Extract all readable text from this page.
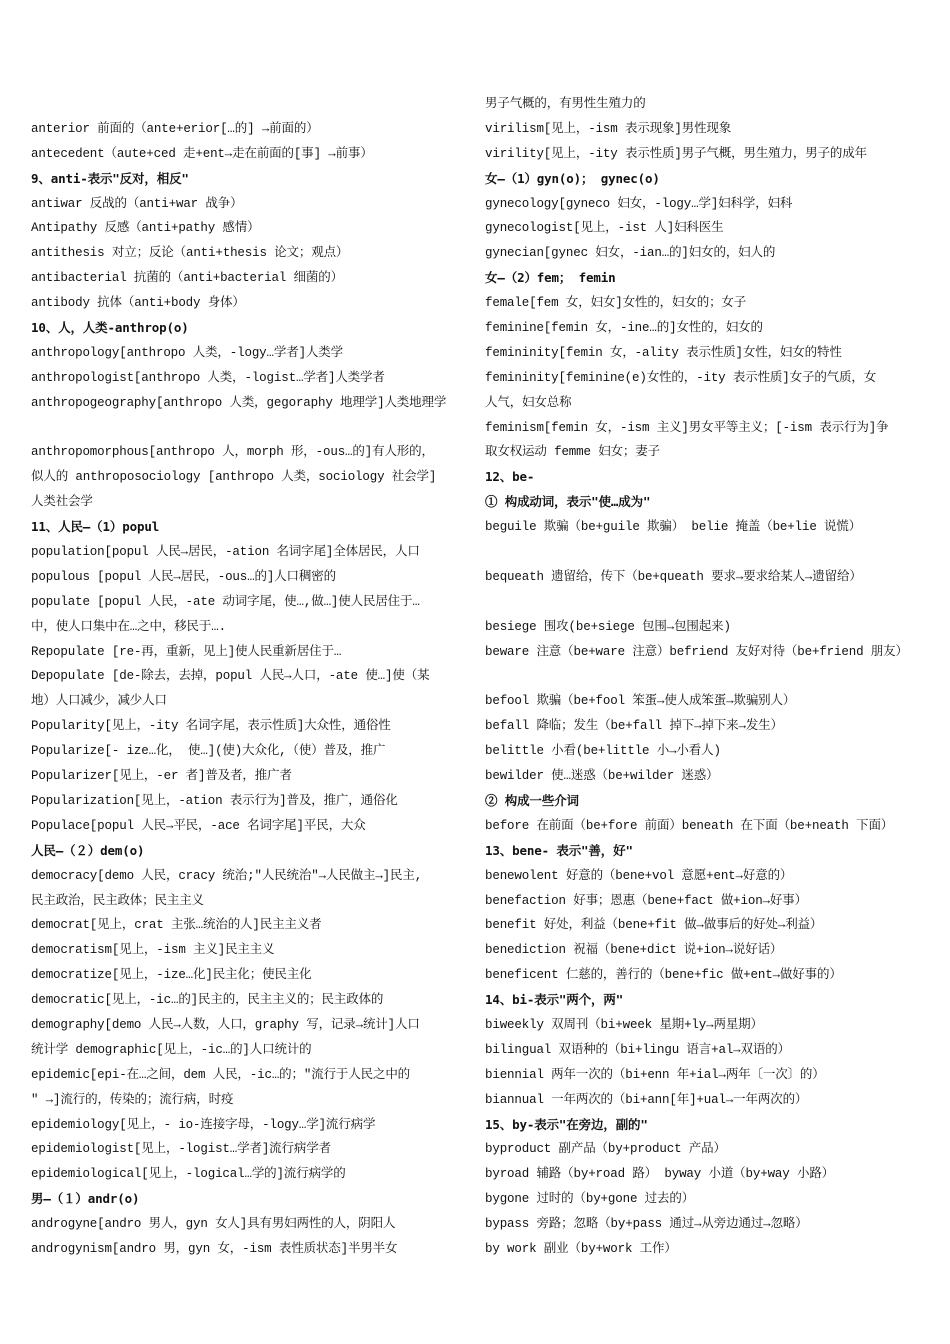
anterior 前面的（ante+erior[…的] →前面的）
antecedent（aute+ced 走+ent→走在前面的[事] →前事）
9、anti-表示"反对，相反"
antiwar 反战的（anti+war 战争）
Antipathy 反感（anti+pathy 感情）
antithesis 对立；反论（anti+thesis 论文；观点）
antibacterial 抗菌的（anti+bacterial 细菌的）
antibody 抗体（anti+body 身体）
10、人，人类-anthrop(o)
anthropology[anthropo 人类，-logy…学者]人类学
anthropologist[anthropo 人类，-logist…学者]人类学者
anthropogeography[anthropo 人类，gegoraphy 地理学]人类地理学
anthropomorphous[anthropo 人，morph 形，-ous…的]有人形的，
似人的 anthroposociology [anthropo 人类，sociology 社会学]
人类社会学
11、人民—（1）popul
population[popul 人民→居民，-ation 名词字尾]全体居民，人口
populous [popul 人民→居民，-ous…的]人口稠密的
populate [popul 人民，-ate 动词字尾，使…,做…]使人民居住于…
中，使人口集中在…之中，移民于….
Repopulate [re-再，重新，见上]使人民重新居住于…
Depopulate [de-除去，去掉，popul 人民→人口，-ate 使…]使（某
地）人口减少，减少人口
Popularity[见上，-ity 名词字尾，表示性质]大众性，通俗性
Popularize[- ize…化， 使…](使)大众化,（使）普及，推广
Popularizer[见上，-er 者]普及者，推广者
Popularization[见上，-ation 表示行为]普及，推广，通俗化
Populace[popul 人民→平民，-ace 名词字尾]平民，大众
人民—（２）dem(o)
democracy[demo 人民，cracy 统治;"人民统治"→人民做主→]民主,
民主政治，民主政体；民主主义
democrat[见上，crat 主张…统治的人]民主主义者
democratism[见上，-ism 主义]民主主义
democratize[见上，-ize…化]民主化；使民主化
democratic[见上，-ic…的]民主的，民主主义的；民主政体的
demography[demo 人民→人数，人口，graphy 写，记录→统计]人口
统计学 demographic[见上，-ic…的]人口统计的
epidemic[epi-在…之间，dem 人民，-ic…的；"流行于人民之中的
" →]流行的，传染的；流行病，时疫
epidemiology[见上，- io-连接字母，-logy…学]流行病学
epidemiologist[见上，-logist…学者]流行病学者
epidemiological[见上，-logical…学的]流行病学的
男—（１）andr(o)
androgyne[andro 男人，gyn 女人]具有男妇两性的人，阴阳人
androgynism[andro 男，gyn 女，-ism 表性质状态]半男半女
男子气概的，有男性生殖力的
virilism[见上，-ism 表示现象]男性现象
virility[见上，-ity 表示性质]男子气概，男生殖力，男子的成年
女—（1）gyn(o)； gynec(o)
gynecology[gyneco 妇女，-logy…学]妇科学，妇科
gynecologist[见上，-ist 人]妇科医生
gynecian[gynec 妇女，-ian…的]妇女的，妇人的
女—（2）fem； femin
female[fem 女，妇女]女性的，妇女的；女子
feminine[femin 女，-ine…的]女性的，妇女的
femininity[femin 女，-ality 表示性质]女性，妇女的特性
femininity[feminine(e)女性的，-ity 表示性质]女子的气质，女
人气，妇女总称
feminism[femin 女，-ism 主义]男女平等主义；[-ism 表示行为]争
取女权运动 femme 妇女；妻子
12、be-
① 构成动词，表示"使…成为"
beguile 欺骗（be+guile 欺骗） belie 掩盖（be+lie 说慌）
bequeath 遗留给，传下（be+queath 要求→要求给某人→遗留给）
besiege 围攻(be+siege 包围→包围起来)
beware 注意（be+ware 注意）befriend 友好对待（be+friend 朋友）
befool 欺骗（be+fool 笨蛋→使人成笨蛋→欺骗别人）
befall 降临；发生（be+fall 掉下→掉下来→发生）
belittle 小看(be+little 小→小看人)
bewilder 使…迷惑（be+wilder 迷惑）
② 构成一些介词
before 在前面（be+fore 前面）beneath 在下面（be+neath 下面）
13、bene- 表示"善，好"
benewolent 好意的（bene+vol 意愿+ent→好意的）
benefaction 好事；恩惠（bene+fact 做+ion→好事）
benefit 好处，利益（bene+fit 做→做事后的好处→利益）
benediction 祝福（bene+dict 说+ion→说好话）
beneficent 仁慈的，善行的（bene+fic 做+ent→做好事的）
14、bi-表示"两个，两"
biweekly 双周刊（bi+week 星期+ly→两星期）
bilingual 双语种的（bi+lingu 语言+al→双语的）
biennial 两年一次的（bi+enn 年+ial→两年〔一次〕的）
biannual 一年两次的（bi+ann[年]+ual→一年两次的）
15、by-表示"在旁边，副的"
byproduct 副产品（by+product 产品）
byroad 辅路（by+road 路） byway 小道（by+way 小路）
bygone 过时的（by+gone 过去的）
bypass 旁路；忽略（by+pass 通过→从旁边通过→忽略）
by work 副业（by+work 工作）
